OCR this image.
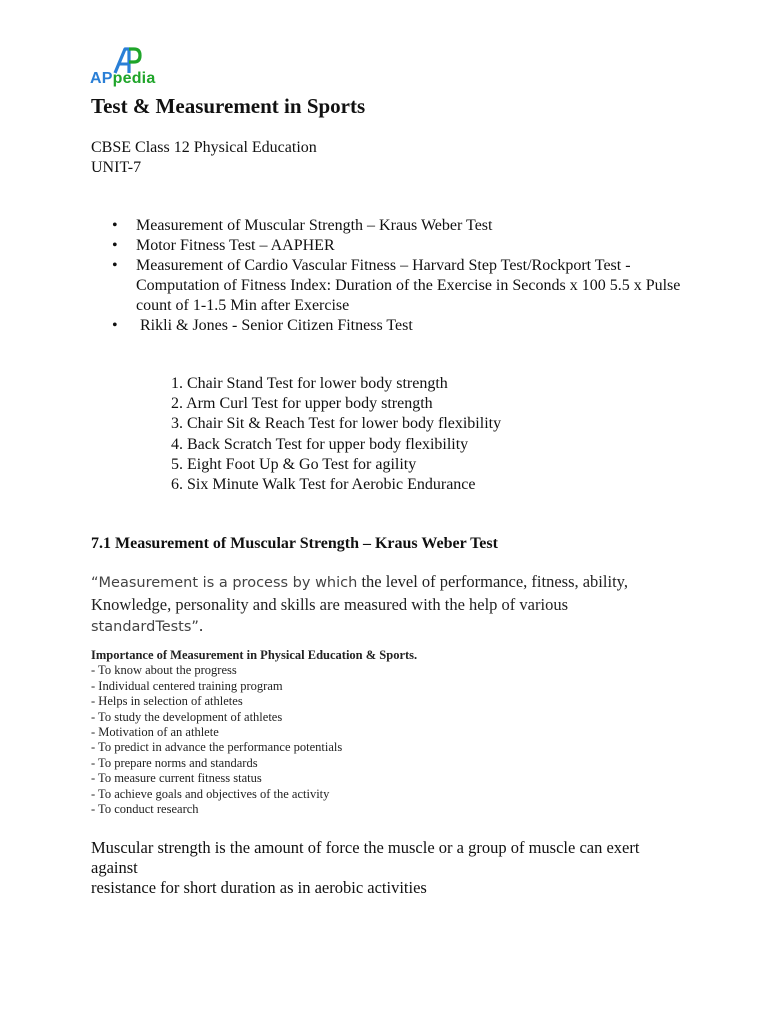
APpedia
Test & Measurement in Sports
CBSE Class 12 Physical Education
UNIT-7
• Measurement of Muscular Strength – Kraus Weber Test
• Motor Fitness Test – AAPHER
• Measurement of Cardio Vascular Fitness – Harvard Step Test/Rockport Test - Computation of Fitness Index: Duration of the Exercise in Seconds x 100 5.5 x Pulse count of 1-1.5 Min after Exercise
• Rikli & Jones - Senior Citizen Fitness Test
1. Chair Stand Test for lower body strength
2. Arm Curl Test for upper body strength
3. Chair Sit & Reach Test for lower body flexibility
4. Back Scratch Test for upper body flexibility
5. Eight Foot Up & Go Test for agility
6. Six Minute Walk Test for Aerobic Endurance
7.1 Measurement of Muscular Strength – Kraus Weber Test
“Measurement is a process by which the level of performance, fitness, ability, Knowledge, personality and skills are measured with the help of various standardTests”.
Importance of Measurement in Physical Education & Sports.
- To know about the progress
- Individual centered training program
- Helps in selection of athletes
- To study the development of athletes
- Motivation of an athlete
- To predict in advance the performance potentials
- To prepare norms and standards
- To measure current fitness status
- To achieve goals and objectives of the activity
- To conduct research
Muscular strength is the amount of force the muscle or a group of muscle can exert
against
resistance for short duration as in aerobic activities
